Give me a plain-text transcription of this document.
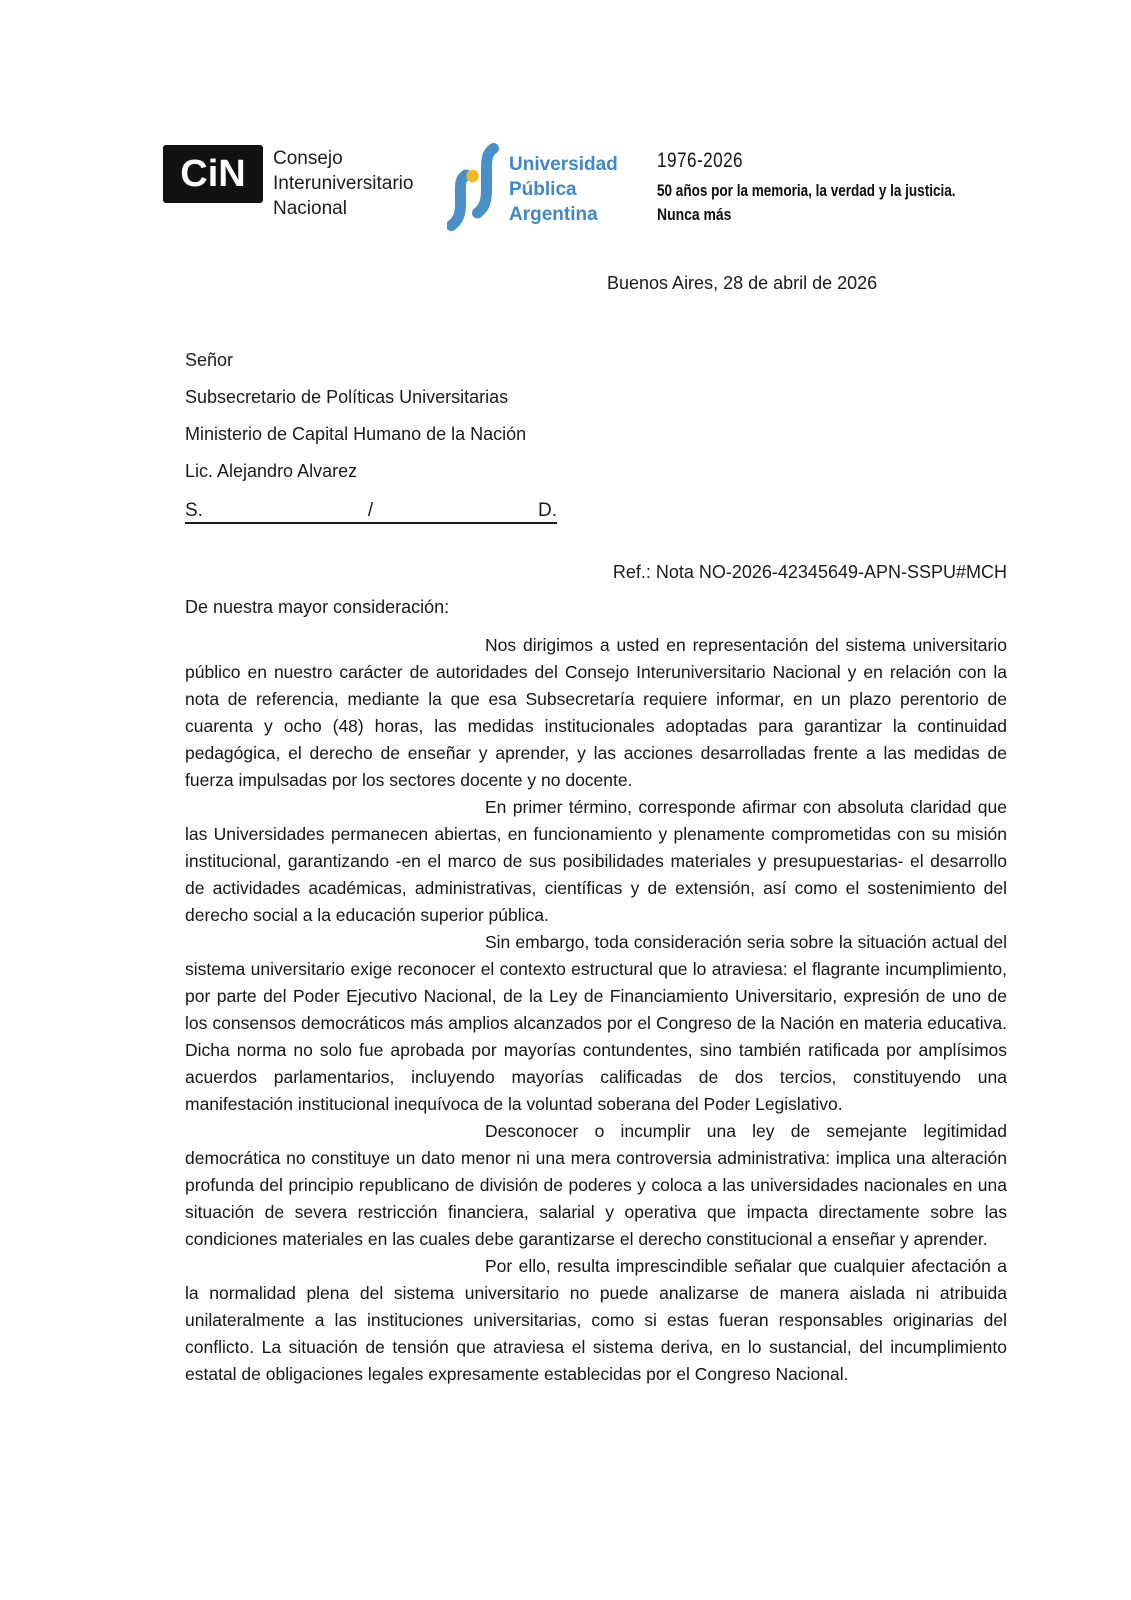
CiN Consejo
Interuniversitario
Nacional
Universidad
Pública
Argentina
1976-2026
50 años por la memoria, la verdad y la justicia.
Nunca más
Buenos Aires, 28 de abril de 2026
Señor
Subsecretario de Políticas Universitarias
Ministerio de Capital Humano de la Nación
Lic. Alejandro Alvarez
S.	/	D.
Ref.: Nota NO-2026-42345649-APN-SSPU#MCH
De nuestra mayor consideración:

Nos dirigimos a usted en representación del sistema universitario público en nuestro carácter de autoridades del Consejo Interuniversitario Nacional y en relación con la nota de referencia, mediante la que esa Subsecretaría requiere informar, en un plazo perentorio de cuarenta y ocho (48) horas, las medidas institucionales adoptadas para garantizar la continuidad pedagógica, el derecho de enseñar y aprender, y las acciones desarrolladas frente a las medidas de fuerza impulsadas por los sectores docente y no docente.

En primer término, corresponde afirmar con absoluta claridad que las Universidades permanecen abiertas, en funcionamiento y plenamente comprometidas con su misión institucional, garantizando -en el marco de sus posibilidades materiales y presupuestarias- el desarrollo de actividades académicas, administrativas, científicas y de extensión, así como el sostenimiento del derecho social a la educación superior pública.

Sin embargo, toda consideración seria sobre la situación actual del sistema universitario exige reconocer el contexto estructural que lo atraviesa: el flagrante incumplimiento, por parte del Poder Ejecutivo Nacional, de la Ley de Financiamiento Universitario, expresión de uno de los consensos democráticos más amplios alcanzados por el Congreso de la Nación en materia educativa. Dicha norma no solo fue aprobada por mayorías contundentes, sino también ratificada por amplísimos acuerdos parlamentarios, incluyendo mayorías calificadas de dos tercios, constituyendo una manifestación institucional inequívoca de la voluntad soberana del Poder Legislativo.

Desconocer o incumplir una ley de semejante legitimidad democrática no constituye un dato menor ni una mera controversia administrativa: implica una alteración profunda del principio republicano de división de poderes y coloca a las universidades nacionales en una situación de severa restricción financiera, salarial y operativa que impacta directamente sobre las condiciones materiales en las cuales debe garantizarse el derecho constitucional a enseñar y aprender.

Por ello, resulta imprescindible señalar que cualquier afectación a la normalidad plena del sistema universitario no puede analizarse de manera aislada ni atribuida unilateralmente a las instituciones universitarias, como si estas fueran responsables originarias del conflicto. La situación de tensión que atraviesa el sistema deriva, en lo sustancial, del incumplimiento estatal de obligaciones legales expresamente establecidas por el Congreso Nacional.
